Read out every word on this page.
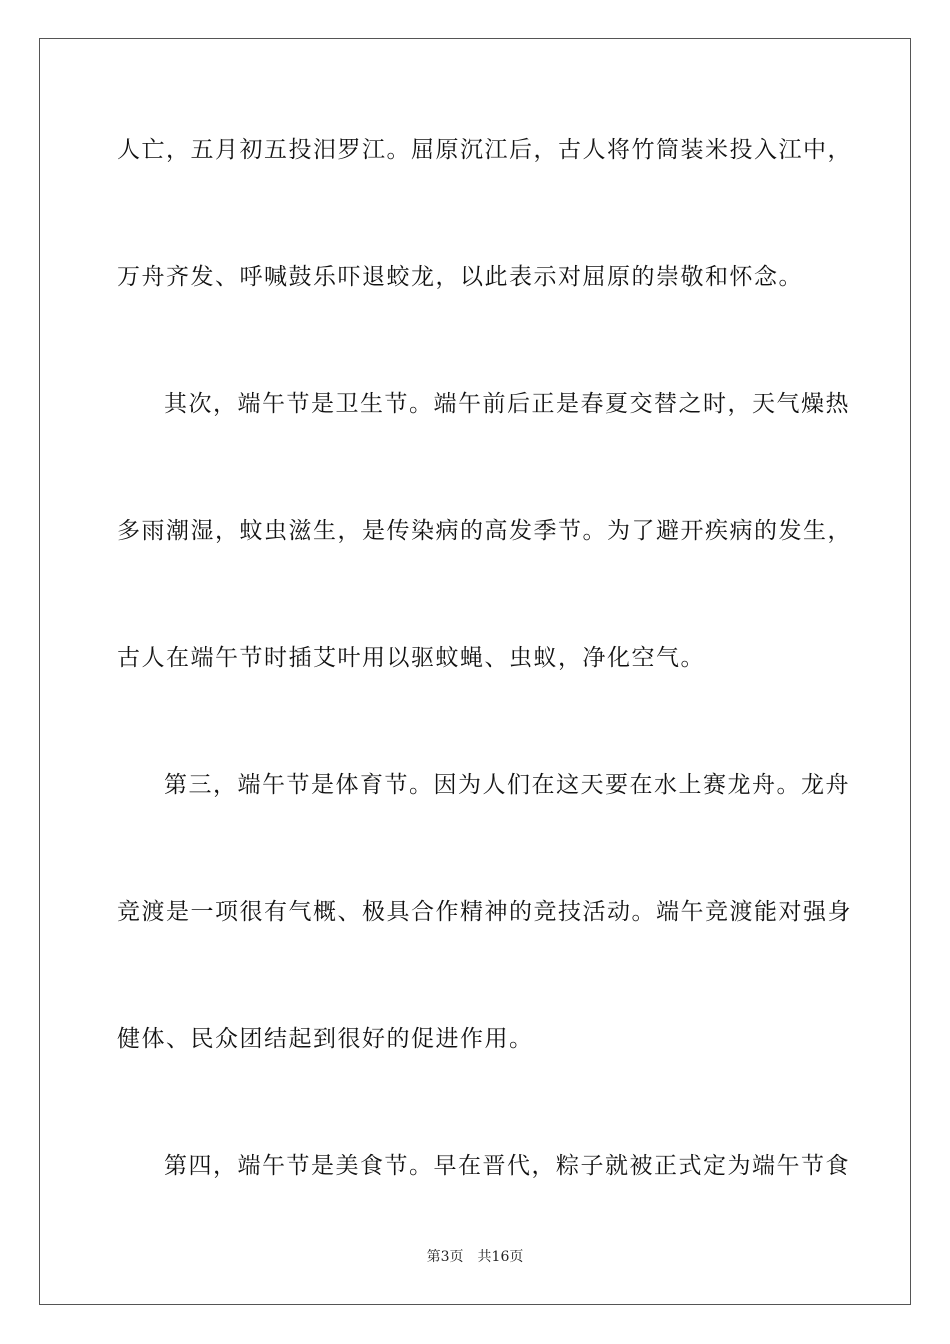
人亡，五月初五投汨罗江。屈原沉江后，古人将竹筒装米投入江中，
万舟齐发、呼喊鼓乐吓退蛟龙，以此表示对屈原的崇敬和怀念。
其次，端午节是卫生节。端午前后正是春夏交替之时，天气燥热
多雨潮湿，蚊虫滋生，是传染病的高发季节。为了避开疾病的发生，
古人在端午节时插艾叶用以驱蚊蝇、虫蚁，净化空气。
第三，端午节是体育节。因为人们在这天要在水上赛龙舟。龙舟
竞渡是一项很有气概、极具合作精神的竞技活动。端午竞渡能对强身
健体、民众团结起到很好的促进作用。
第四，端午节是美食节。早在晋代，粽子就被正式定为端午节食
第3页 共16页
